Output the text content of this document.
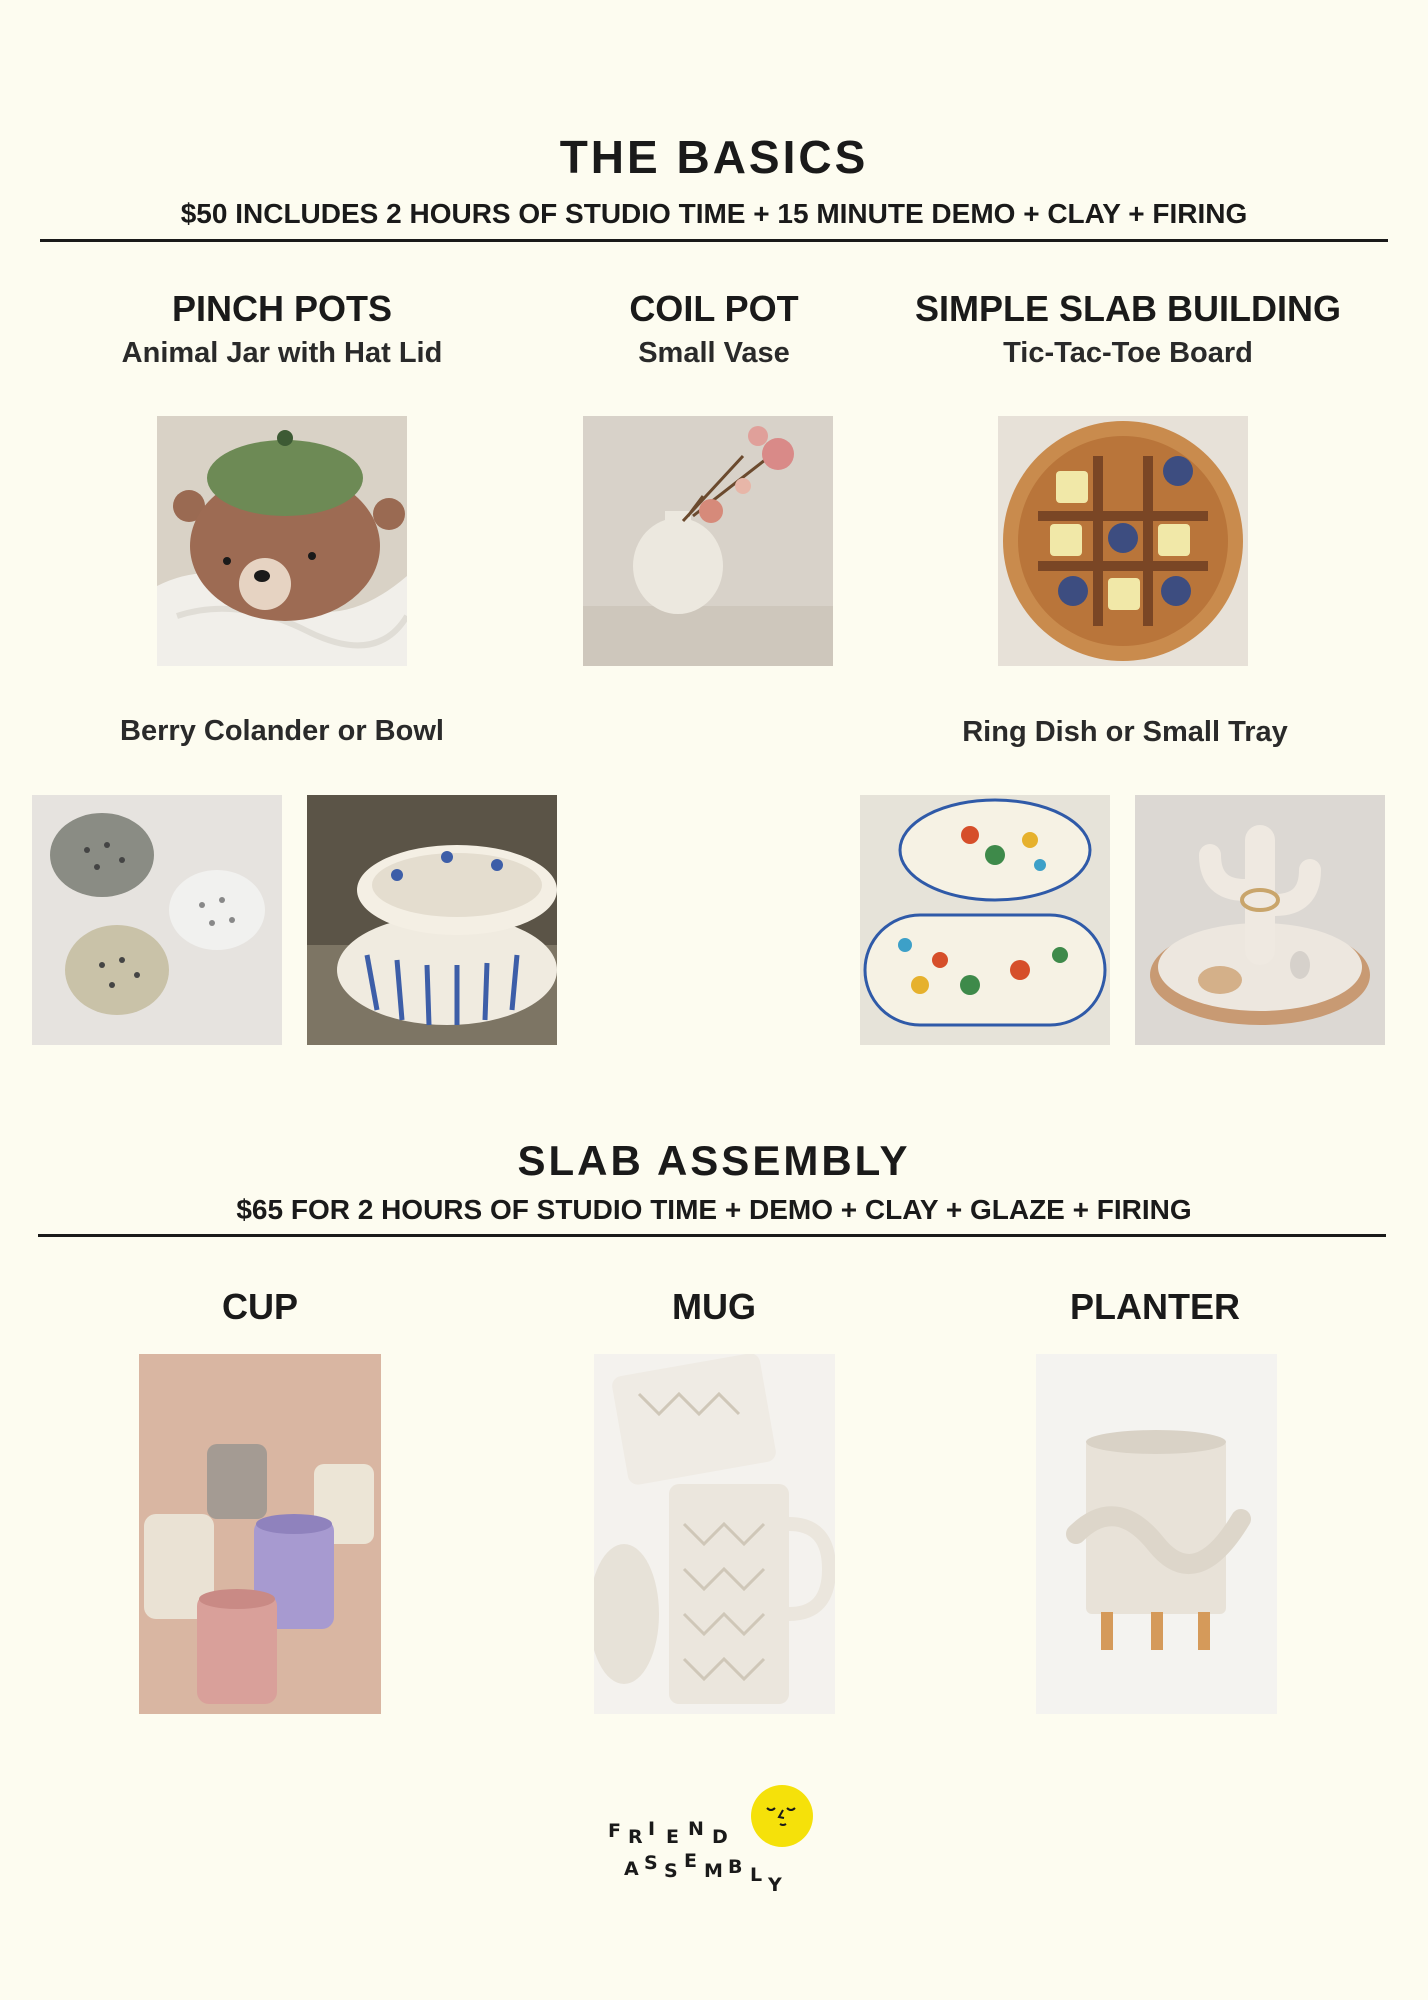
THE BASICS
$50 INCLUDES 2 HOURS OF STUDIO TIME + 15 MINUTE DEMO + CLAY + FIRING
PINCH POTS
Animal Jar with Hat Lid
COIL POT
Small Vase
SIMPLE SLAB BUILDING
Tic-Tac-Toe Board
Berry Colander or Bowl	Ring Dish or Small Tray
SLAB ASSEMBLY
$65 FOR 2 HOURS OF STUDIO TIME + DEMO + CLAY + GLAZE + FIRING
CUP	MUG	PLANTER
F R I E N D
A S S E M B L Y
